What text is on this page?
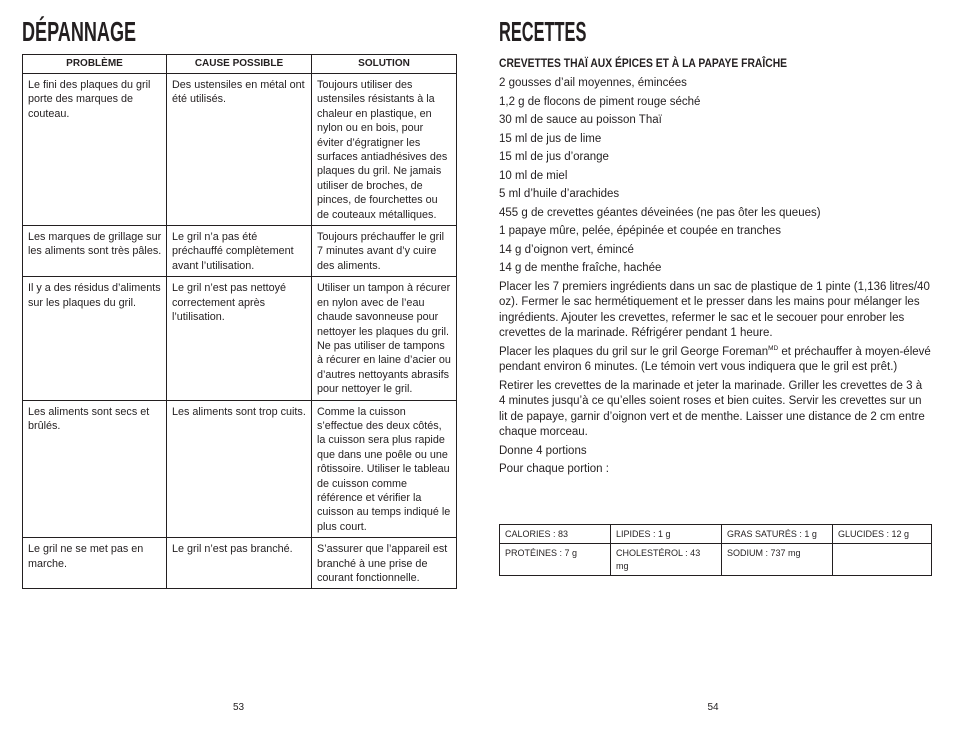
DÉPANNAGE
PROBLÈME	CAUSE POSSIBLE	SOLUTION
Le fini des plaques du gril porte des marques de couteau.	Des ustensiles en métal ont été utilisés.	Toujours utiliser des ustensiles résistants à la chaleur en plastique, en nylon ou en bois, pour éviter d’égratigner les surfaces antiadhésives des plaques du gril. Ne jamais utiliser de broches, de pinces, de fourchettes ou de couteaux métalliques.
Les marques de grillage sur les aliments sont très pâles.	Le gril n’a pas été préchauffé complètement avant l’utilisation.	Toujours préchauffer le gril 7 minutes avant d’y cuire des aliments.
Il y a des résidus d’aliments sur les plaques du gril.	Le gril n’est pas nettoyé correctement après l’utilisation.	Utiliser un tampon à récurer en nylon avec de l’eau chaude savonneuse pour nettoyer les plaques du gril. Ne pas utiliser de tampons à récurer en laine d’acier ou d’autres nettoyants abrasifs pour nettoyer le gril.
Les aliments sont secs et brûlés.	Les aliments sont trop cuits.	Comme la cuisson s’effectue des deux côtés, la cuisson sera plus rapide que dans une poêle ou une rôtissoire. Utiliser le tableau de cuisson comme référence et vérifier la cuisson au temps indiqué le plus court.
Le gril ne se met pas en marche.	Le gril n’est pas branché.	S’assurer que l’appareil est branché à une prise de courant fonctionnelle.
53
RECETTES
CREVETTES THAÏ AUX ÉPICES ET À LA PAPAYE FRAÎCHE

2 gousses d’ail moyennes, émincées

1,2 g de flocons de piment rouge séché

30 ml de sauce au poisson Thaï

15 ml de jus de lime

15 ml de jus d’orange

10 ml de miel

5 ml d’huile d’arachides

455 g de crevettes géantes déveinées (ne pas ôter les queues)

1 papaye mûre, pelée, épépinée et coupée en tranches

14 g d’oignon vert, émincé

14 g de menthe fraîche, hachée

Placer les 7 premiers ingrédients dans un sac de plastique de 1 pinte (1,136 litres/40 oz). Fermer le sac hermétiquement et le presser dans les mains pour mélanger les ingrédients. Ajouter les crevettes, refermer le sac et le secouer pour enrober les crevettes de la marinade. Réfrigérer pendant 1 heure.

Placer les plaques du gril sur le gril George Foreman$^{MD}$ et préchauffer à moyen-élevé pendant environ 6 minutes. (Le témoin vert vous indiquera que le gril est prêt.)

Retirer les crevettes de la marinade et jeter la marinade. Griller les crevettes de 3 à 4 minutes jusqu’à ce qu’elles soient roses et bien cuites. Servir les crevettes sur un lit de papaye, garnir d’oignon vert et de menthe. Laisser une distance de 2 cm entre chaque morceau.

Donne 4 portions

Pour chaque portion :

CALORIES : 83	LIPIDES : 1 g	GRAS SATURÉS : 1 g	GLUCIDES : 12 g
PROTÉINES : 7 g	CHOLESTÉROL : 43 mg	SODIUM : 737 mg	
54
